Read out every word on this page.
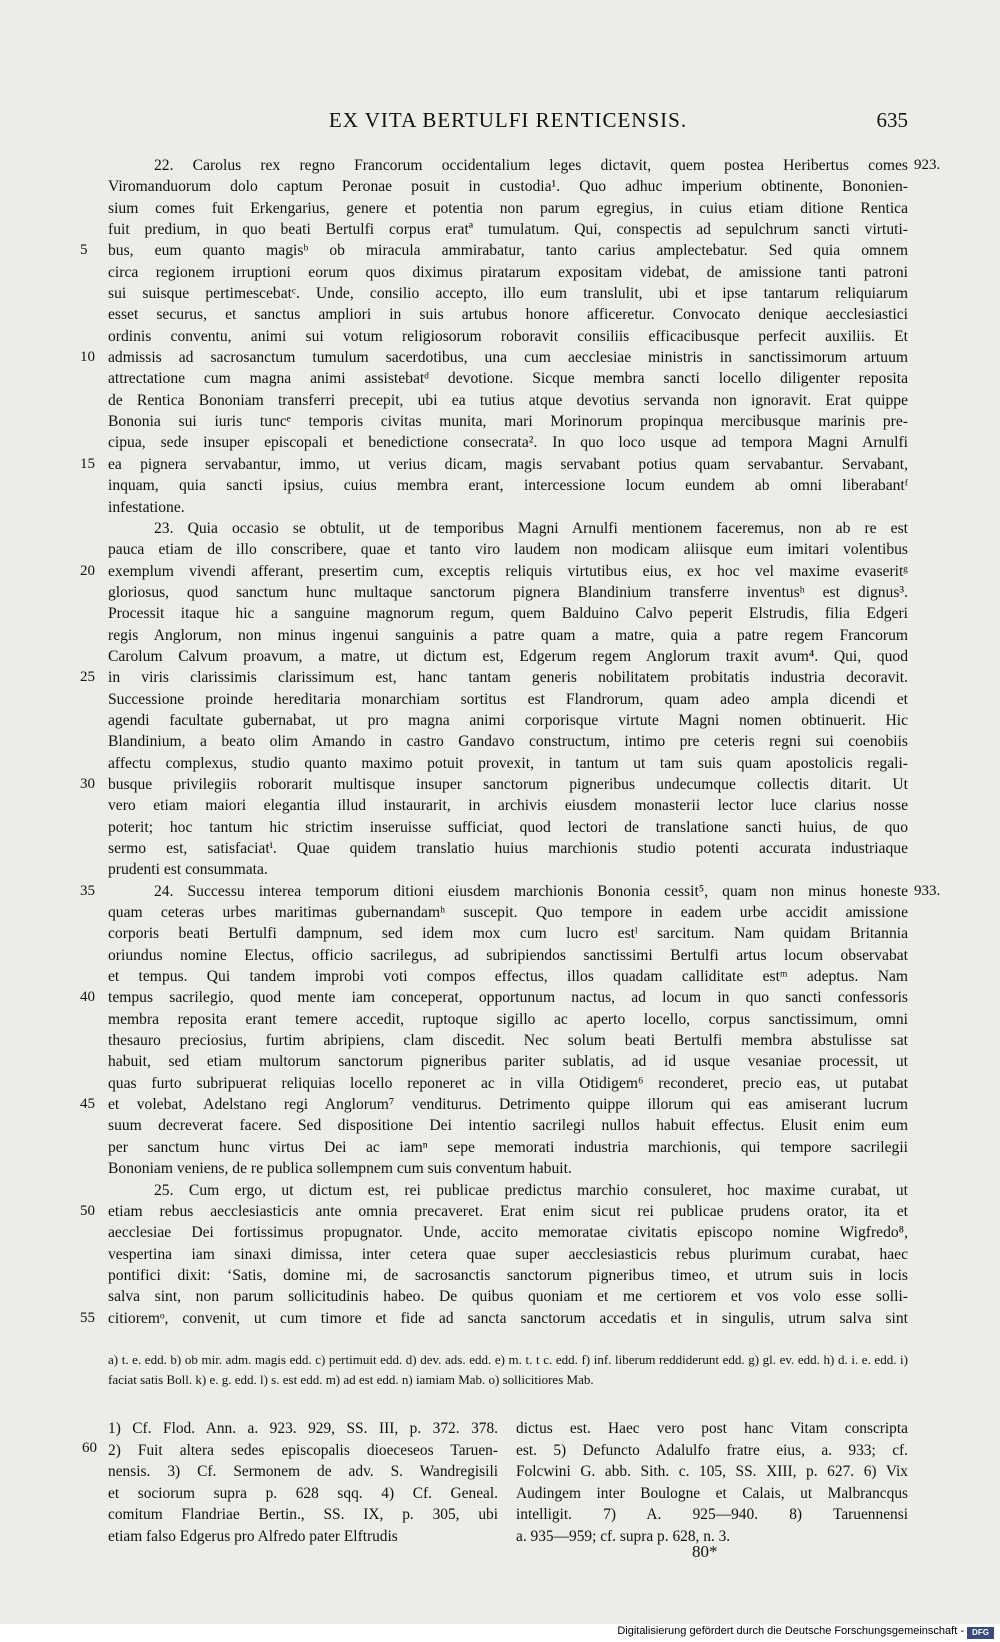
EX VITA BERTULFI RENTICENSIS.	635
22. Carolus rex regno Francorum occidentalium leges dictavit, quem postea Heribertus comes 923.
Viromanduorum dolo captum Peronae posuit in custodia¹. Quo adhuc imperium obtinente, Bononien-
sium comes fuit Erkengarius, genere et potentia non parum egregius, in cuius etiam ditione Rentica
fuit predium, in quo beati Bertulfi corpus eratª tumulatum. Qui, conspectis ad sepulchrum sancti virtuti-
bus, eum quanto magisᵇ ob miracula ammirabatur, tanto carius amplectebatur. Sed quia omnem
5
circa regionem irruptioni eorum quos diximus piratarum expositam videbat, de amissione tanti patroni
sui suisque pertimescebatᶜ. Unde, consilio accepto, illo eum translulit, ubi et ipse tantarum reliquiarum
esset securus, et sanctus ampliori in suis artubus honore afficeretur. Convocato denique aecclesiastici
ordinis conventu, animi sui votum religiosorum roboravit consiliis efficacibusque perfecit auxiliis. Et
admissis ad sacrosanctum tumulum sacerdotibus, una cum aecclesiae ministris in sanctissimorum artuum
10
attrectatione cum magna animi assistebatᵈ devotione. Sicque membra sancti locello diligenter reposita
de Rentica Bononiam transferri precepit, ubi ea tutius atque devotius servanda non ignoravit. Erat quippe
Bononia sui iuris tuncᵉ temporis civitas munita, mari Morinorum propinqua mercibusque marinis pre-
cipua, sede insuper episcopali et benedictione consecrata². In quo loco usque ad tempora Magni Arnulfi
ea pignera servabantur, immo, ut verius dicam, magis servabant potius quam servabantur. Servabant,
15
inquam, quia sancti ipsius, cuius membra erant, intercessione locum eundem ab omni liberabantᶠ
infestatione.
23. Quia occasio se obtulit, ut de temporibus Magni Arnulfi mentionem faceremus, non ab re est
pauca etiam de illo conscribere, quae et tanto viro laudem non modicam aliisque eum imitari volentibus
exemplum vivendi afferant, presertim cum, exceptis reliquis virtutibus eius, ex hoc vel maxime evaseritᵍ
20
gloriosus, quod sanctum hunc multaque sanctorum pignera Blandinium transferre inventusʰ est dignus³.
Processit itaque hic a sanguine magnorum regum, quem Balduino Calvo peperit Elstrudis, filia Edgeri
regis Anglorum, non minus ingenui sanguinis a patre quam a matre, quia a patre regem Francorum
Carolum Calvum proavum, a matre, ut dictum est, Edgerum regem Anglorum traxit avum⁴. Qui, quod
in viris clarissimis clarissimum est, hanc tantam generis nobilitatem probitatis industria decoravit.
25
Successione proinde hereditaria monarchiam sortitus est Flandrorum, quam adeo ampla dicendi et
agendi facultate gubernabat, ut pro magna animi corporisque virtute Magni nomen obtinuerit. Hic
Blandinium, a beato olim Amando in castro Gandavo constructum, intimo pre ceteris regni sui coenobiis
affectu complexus, studio quanto maximo potuit provexit, in tantum ut tam suis quam apostolicis regali-
busque privilegiis roborarit multisque insuper sanctorum pigneribus undecumque collectis ditarit. Ut
30
vero etiam maiori elegantia illud instaurarit, in archivis eiusdem monasterii lector luce clarius nosse
poterit; hoc tantum hic strictim inseruisse sufficiat, quod lectori de translatione sancti huius, de quo
sermo est, satisfaciatⁱ. Quae quidem translatio huius marchionis studio potenti accurata industriaque
prudenti est consummata.
24. Successu interea temporum ditioni eiusdem marchionis Bononia cessit⁵, quam non minus honeste
35	933.
quam ceteras urbes maritimas gubernandamʰ suscepit. Quo tempore in eadem urbe accidit amissione
corporis beati Bertulfi dampnum, sed idem mox cum lucro estˡ sarcitum. Nam quidam Britannia
oriundus nomine Electus, officio sacrilegus, ad subripiendos sanctissimi Bertulfi artus locum observabat
et tempus. Qui tandem improbi voti compos effectus, illos quadam calliditate estᵐ adeptus. Nam
tempus sacrilegio, quod mente iam conceperat, opportunum nactus, ad locum in quo sancti confessoris
40
membra reposita erant temere accedit, ruptoque sigillo ac aperto locello, corpus sanctissimum, omni
thesauro preciosius, furtim abripiens, clam discedit. Nec solum beati Bertulfi membra abstulisse sat
habuit, sed etiam multorum sanctorum pigneribus pariter sublatis, ad id usque vesaniae processit, ut
quas furto subripuerat reliquias locello reponeret ac in villa Otidigem⁶ reconderet, precio eas, ut putabat
et volebat, Adelstano regi Anglorum⁷ venditurus. Detrimento quippe illorum qui eas amiserant lucrum
45
suum decreverat facere. Sed dispositione Dei intentio sacrilegi nullos habuit effectus. Elusit enim eum
per sanctum hunc virtus Dei ac iamⁿ sepe memorati industria marchionis, qui tempore sacrilegii
Bononiam veniens, de re publica sollempnem cum suis conventum habuit.
25. Cum ergo, ut dictum est, rei publicae predictus marchio consuleret, hoc maxime curabat, ut
etiam rebus aecclesiasticis ante omnia precaveret. Erat enim sicut rei publicae prudens orator, ita et
50
aecclesiae Dei fortissimus propugnator. Unde, accito memoratae civitatis episcopo nomine Wigfredo⁸,
vespertina iam sinaxi dimissa, inter cetera quae super aecclesiasticis rebus plurimum curabat, haec
pontifici dixit: ‘Satis, domine mi, de sacrosanctis sanctorum pigneribus timeo, et utrum suis in locis
salva sint, non parum sollicitudinis habeo. De quibus quoniam et me certiorem et vos volo esse solli-
citioremᵒ, convenit, ut cum timore et fide ad sancta sanctorum accedatis et in singulis, utrum salva sint
55
a) t. e. edd. b) ob mir. adm. magis edd. c) pertimuit edd. d) dev. ads. edd. e) m. t. t c. edd. f) inf. liberum reddiderunt edd. g) gl. ev. edd. h) d. i. e. edd. i) faciat satis Boll. k) e. g. edd. l) s. est edd. m) ad est edd. n) iamiam Mab. o) sollicitiores Mab.
1) Cf. Flod. Ann. a. 923. 929, SS. III, p. 372. 378.
2) Fuit altera sedes episcopalis dioeceseos Taruen-
nensis. 3) Cf. Sermonem de adv. S. Wandregisili
et sociorum supra p. 628 sqq. 4) Cf. Geneal.
comitum Flandriae Bertin., SS. IX, p. 305, ubi
etiam falso Edgerus pro Alfredo pater Elftrudis
60
dictus est. Haec vero post hanc Vitam conscripta
est. 5) Defuncto Adalulfo fratre eius, a. 933; cf.
Folcwini G. abb. Sith. c. 105, SS. XIII, p. 627. 6) Vix
Audingem inter Boulogne et Calais, ut Malbrancqus
intelligit. 7) A. 925—940. 8) Taruennensi
a. 935—959; cf. supra p. 628, n. 3.
80*
Digitalisierung gefördert durch die Deutsche Forschungsgemeinschaft -	DFG
